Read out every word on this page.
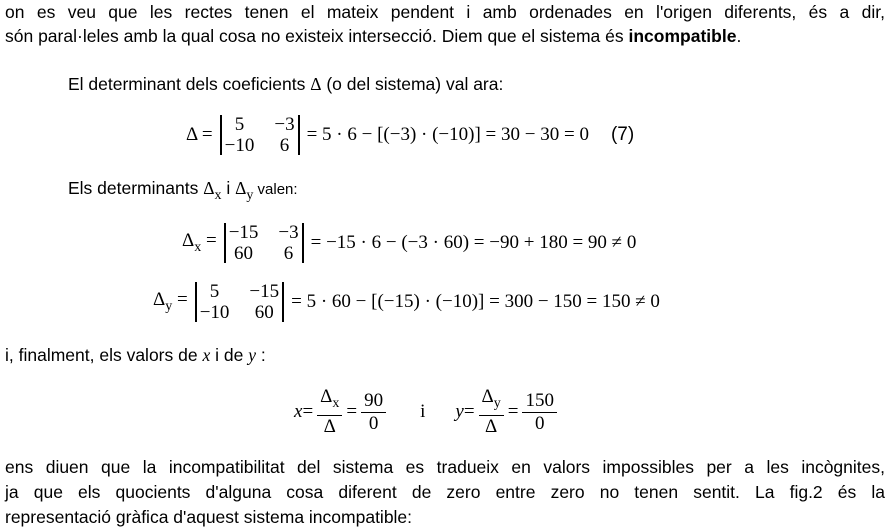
on es veu que les rectes tenen el mateix pendent i amb ordenades en l'origen diferents, és a dir,
són paral·leles amb la qual cosa no existeix intersecció. Diem que el sistema és incompatible.
El determinant dels coeficients Δ (o del sistema) val ara:
Δ =	5	−3
−10 6
= 5 · 6 − [(−3) · (−10)] = 30 − 30 = 0 (7)
Els determinants $\Delta_x$ i $\Delta_y$ valen:
$\Delta_x = -15 -3$
60 6
= −15 · 6 − (−3 · 60) = −90 + 180 = 90 ≠ 0
$\Delta_y$ =	5	−15
−10 60
= 5 · 60 − [(−15) · (−10)] = 300 − 150 = 150 ≠ 0
i, finalment, els valors de x i de y :
$x = \frac{\Delta_x}{\Delta} = \frac{90}{0}$ i $y = \frac{\Delta_y}{\Delta} = \frac{150}{0}$
ens diuen que la incompatibilitat del sistema es tradueix en valors impossibles per a les incògnites,
ja que els quocients d'alguna cosa diferent de zero entre zero no tenen sentit. La fig.2 és la
representació gràfica d'aquest sistema incompatible:
